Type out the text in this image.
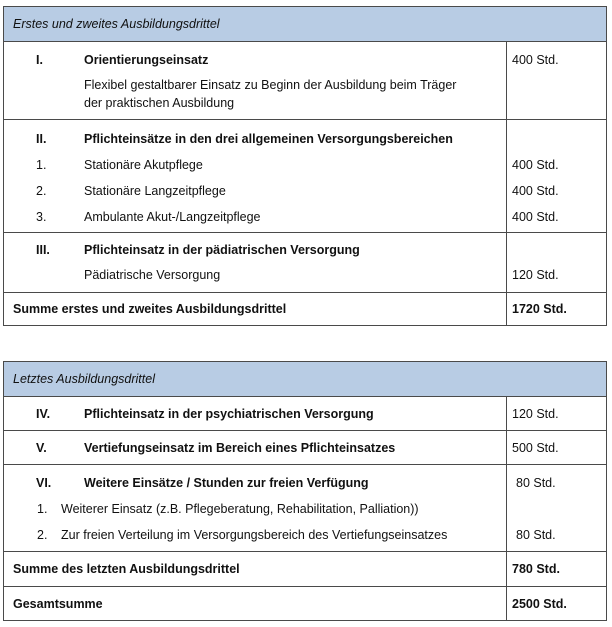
Erstes und zweites Ausbildungsdrittel
I.	Orientierungseinsatz	400 Std.
Flexibel gestaltbarer Einsatz zu Beginn der Ausbildung beim Träger
der praktischen Ausbildung
II.	Pflichteinsätze in den drei allgemeinen Versorgungsbereichen
1.	Stationäre Akutpflege	400 Std.
2.	Stationäre Langzeitpflege	400 Std.
3.	Ambulante Akut-/Langzeitpflege	400 Std.
III.	Pflichteinsatz in der pädiatrischen Versorgung
Pädiatrische Versorgung	120 Std.
Summe erstes und zweites Ausbildungsdrittel	1720 Std.
Letztes Ausbildungsdrittel
IV.	Pflichteinsatz in der psychiatrischen Versorgung	120 Std.
V.	Vertiefungseinsatz im Bereich eines Pflichteinsatzes	500 Std.
VI.	Weitere Einsätze / Stunden zur freien Verfügung	80 Std.
1. Weiterer Einsatz (z.B. Pflegeberatung, Rehabilitation, Palliation))
2. Zur freien Verteilung im Versorgungsbereich des Vertiefungseinsatzes	80 Std.
Summe des letzten Ausbildungsdrittel	780 Std.
Gesamtsumme	2500 Std.
